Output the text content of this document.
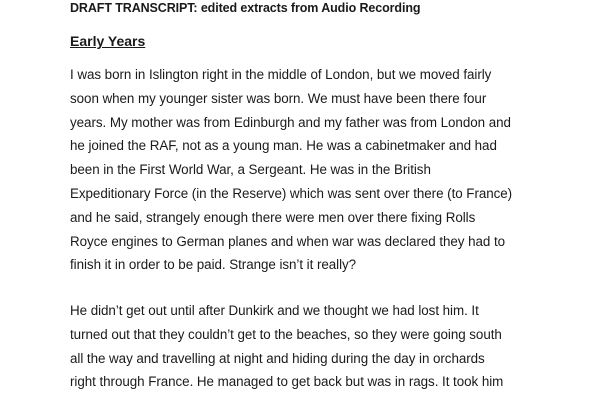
DRAFT TRANSCRIPT: edited extracts from Audio Recording
Early Years

I was born in Islington right in the middle of London, but we moved fairly
soon when my younger sister was born. We must have been there four
years. My mother was from Edinburgh and my father was from London and
he joined the RAF, not as a young man. He was a cabinetmaker and had
been in the First World War, a Sergeant. He was in the British
Expeditionary Force (in the Reserve) which was sent over there (to France)
and he said, strangely enough there were men over there fixing Rolls
Royce engines to German planes and when war was declared they had to
finish it in order to be paid. Strange isn’t it really?

He didn’t get out until after Dunkirk and we thought we had lost him. It
turned out that they couldn’t get to the beaches, so they were going south
all the way and travelling at night and hiding during the day in orchards
right through France. He managed to get back but was in rags. It took him
